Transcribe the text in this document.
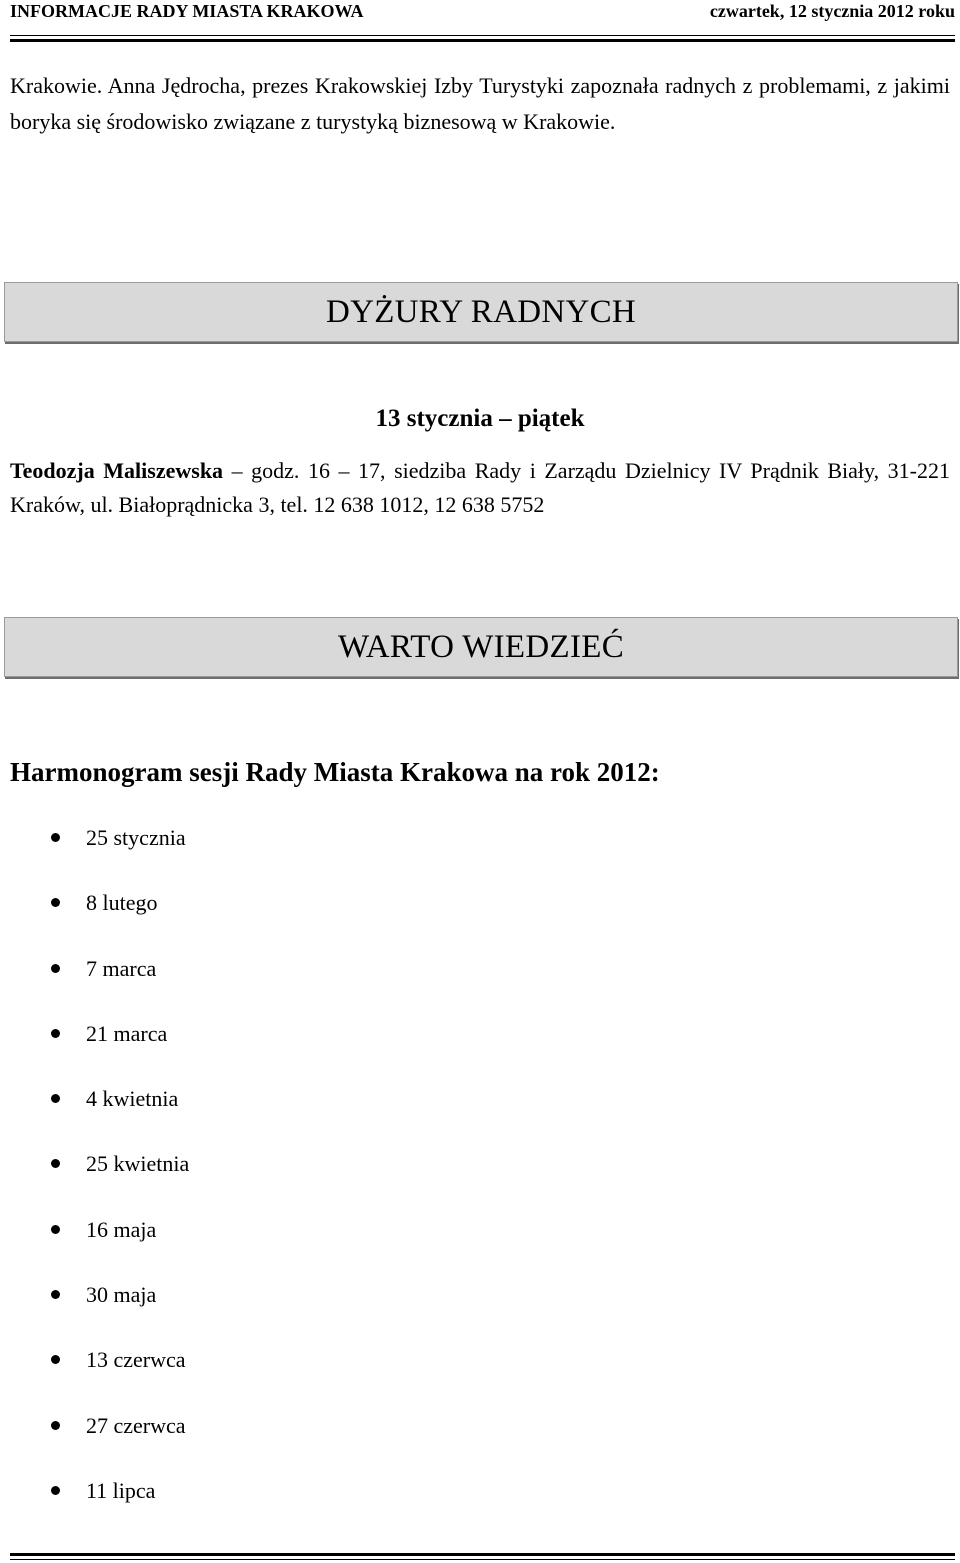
INFORMACJE RADY MIASTA KRAKOWA	czwartek, 12 stycznia 2012 roku

Krakowie. Anna Jędrocha, prezes Krakowskiej Izby Turystyki zapoznała radnych z problemami, z jakimi boryka się środowisko związane z turystyką biznesową w Krakowie.

DYŻURY RADNYCH
13 stycznia – piątek

Teodozja Maliszewska – godz. 16 – 17, siedziba Rady i Zarządu Dzielnicy IV Prądnik Biały, 31-221 Kraków, ul. Białoprądnicka 3, tel. 12 638 1012, 12 638 5752

WARTO WIEDZIEĆ
Harmonogram sesji Rady Miasta Krakowa na rok 2012:
25 stycznia
8 lutego
7 marca
21 marca
4 kwietnia
25 kwietnia
16 maja
30 maja
13 czerwca
27 czerwca
11 lipca
